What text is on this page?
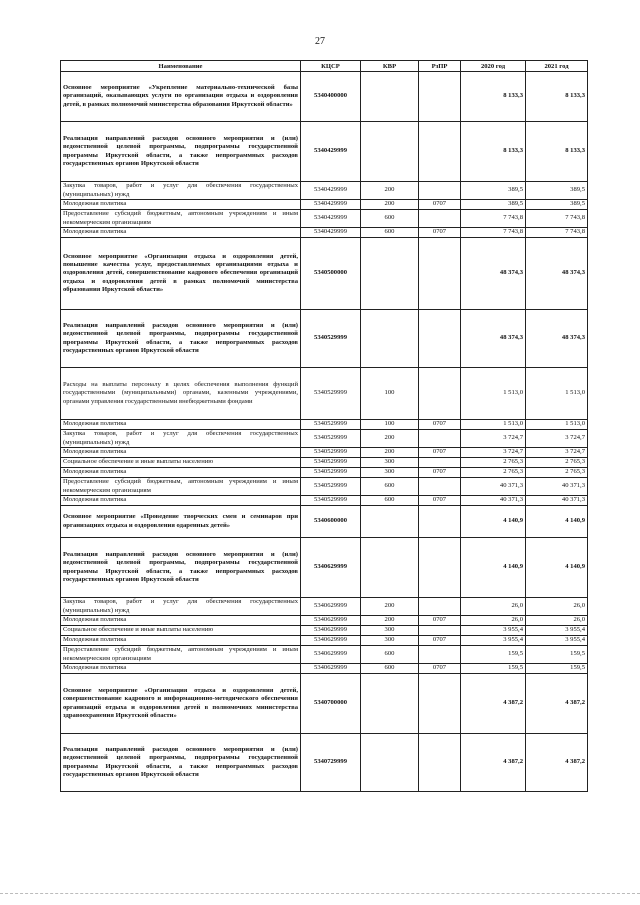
27
Наименование	КЦСР	КВР	РзПР	2020 год	2021 год
Основное мероприятие «Укрепление материально-технической базы организаций, оказывающих услуги по организации отдыха и оздоровления детей, в рамках полномочий министерства образования Иркутской области»	5340400000			8 133,3	8 133,3
Реализация направлений расходов основного мероприятия и (или) ведомственной целевой программы, подпрограммы государственной программы Иркутской области, а также непрограммных расходов государственных органов Иркутской области	5340429999			8 133,3	8 133,3
Закупка товаров, работ и услуг для обеспечения государственных (муниципальных) нужд	5340429999	200		389,5	389,5
Молодежная политика	5340429999	200	0707	389,5	389,5
Предоставление субсидий бюджетным, автономным учреждениям и иным некоммерческим организациям	5340429999	600		7 743,8	7 743,8
Молодежная политика	5340429999	600	0707	7 743,8	7 743,8
Основное мероприятие «Организация отдыха и оздоровления детей, повышение качества услуг, предоставляемых организациями отдыха и оздоровления детей, совершенствование кадрового обеспечения организаций отдыха и оздоровления детей в рамках полномочий министерства образования Иркутской области»	5340500000			48 374,3	48 374,3
Реализация направлений расходов основного мероприятия и (или) ведомственной целевой программы, подпрограммы государственной программы Иркутской области, а также непрограммных расходов государственных органов Иркутской области	5340529999			48 374,3	48 374,3
Расходы на выплаты персоналу в целях обеспечения выполнения функций государственными (муниципальными) органами, казенными учреждениями, органами управления государственными внебюджетными фондами	5340529999	100		1 513,0	1 513,0
Молодежная политика	5340529999	100	0707	1 513,0	1 513,0
Закупка товаров, работ и услуг для обеспечения государственных (муниципальных) нужд	5340529999	200		3 724,7	3 724,7
Молодежная политика	5340529999	200	0707	3 724,7	3 724,7
Социальное обеспечение и иные выплаты населению	5340529999	300		2 765,3	2 765,3
Молодежная политика	5340529999	300	0707	2 765,3	2 765,3
Предоставление субсидий бюджетным, автономным учреждениям и иным некоммерческим организациям	5340529999	600		40 371,3	40 371,3
Молодежная политика	5340529999	600	0707	40 371,3	40 371,3
Основное мероприятие «Проведение творческих смен и семинаров при организациях отдыха и оздоровления одаренных детей»	5340600000			4 140,9	4 140,9
Реализация направлений расходов основного мероприятия и (или) ведомственной целевой программы, подпрограммы государственной программы Иркутской области, а также непрограммных расходов государственных органов Иркутской области	5340629999			4 140,9	4 140,9
Закупка товаров, работ и услуг для обеспечения государственных (муниципальных) нужд	5340629999	200		26,0	26,0
Молодежная политика	5340629999	200	0707	26,0	26,0
Социальное обеспечение и иные выплаты населению	5340629999	300		3 955,4	3 955,4
Молодежная политика	5340629999	300	0707	3 955,4	3 955,4
Предоставление субсидий бюджетным, автономным учреждениям и иным некоммерческим организациям	5340629999	600		159,5	159,5
Молодежная политика	5340629999	600	0707	159,5	159,5
Основное мероприятие «Организация отдыха и оздоровления детей, совершенствование кадрового и информационно-методического обеспечения организаций отдыха и оздоровления детей в полномочиях министерства здравоохранения Иркутской области»	5340700000			4 387,2	4 387,2
Реализация направлений расходов основного мероприятия и (или) ведомственной целевой программы, подпрограммы государственной программы Иркутской области, а также непрограммных расходов государственных органов Иркутской области	5340729999			4 387,2	4 387,2
